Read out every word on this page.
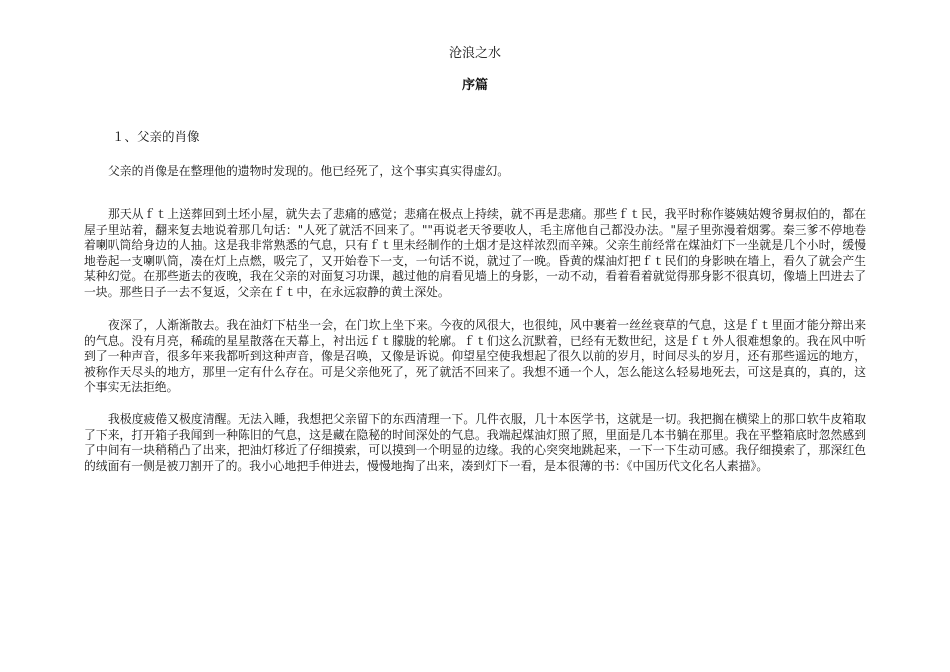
沧浪之水
序篇
１、父亲的肖像

父亲的肖像是在整理他的遗物时发现的。他已经死了，这个事实真实得虚幻。

那天从ｆｔ上送葬回到土坯小屋，就失去了悲痛的感觉；悲痛在极点上持续，就不再是悲痛。那些ｆｔ民，我平时称作婆姨姑嫂爷舅叔伯的，都在屋子里站着，翻来复去地说着那几句话："人死了就活不回来了。""再说老天爷要收人，毛主席他自己都没办法。"屋子里弥漫着烟雾。秦三爹不停地卷着喇叭筒给身边的人抽。这是我非常熟悉的气息，只有ｆｔ里未经制作的土烟才是这样浓烈而辛辣。父亲生前经常在煤油灯下一坐就是几个小时，缓慢地卷起一支喇叭筒，凑在灯上点燃，吸完了，又开始卷下一支，一句话不说，就过了一晚。昏黄的煤油灯把ｆｔ民们的身影映在墙上，看久了就会产生某种幻觉。在那些逝去的夜晚，我在父亲的对面复习功课，越过他的肩看见墙上的身影，一动不动，看着看着就觉得那身影不很真切，像墙上凹进去了一块。那些日子一去不复返，父亲在ｆｔ中，在永远寂静的黄土深处。

夜深了，人渐渐散去。我在油灯下枯坐一会，在门坎上坐下来。今夜的风很大，也很纯，风中裹着一丝丝衰草的气息，这是ｆｔ里面才能分辩出来的气息。没有月亮，稀疏的星星散落在天幕上，衬出远ｆｔ朦胧的轮廓。ｆｔ们这么沉默着，已经有无数世纪，这是ｆｔ外人很难想象的。我在风中听到了一种声音，很多年来我都听到这种声音，像是召唤，又像是诉说。仰望星空使我想起了很久以前的岁月，时间尽头的岁月，还有那些遥远的地方，被称作天尽头的地方，那里一定有什么存在。可是父亲他死了，死了就活不回来了。我想不通一个人，怎么能这么轻易地死去，可这是真的，真的，这个事实无法拒绝。

我极度疲倦又极度清醒。无法入睡，我想把父亲留下的东西清理一下。几件衣服，几十本医学书，这就是一切。我把搁在横梁上的那口软牛皮箱取了下来，打开箱子我闻到一种陈旧的气息，这是藏在隐秘的时间深处的气息。我端起煤油灯照了照，里面是几本书躺在那里。我在平整箱底时忽然感到了中间有一块稍稍凸了出来，把油灯移近了仔细摸索，可以摸到一个明显的边缘。我的心突突地跳起来，一下一下生动可感。我仔细摸索了，那深红色的绒面有一侧是被刀割开了的。我小心地把手伸进去，慢慢地掏了出来，凑到灯下一看，是本很薄的书：《中国历代文化名人素描》。
